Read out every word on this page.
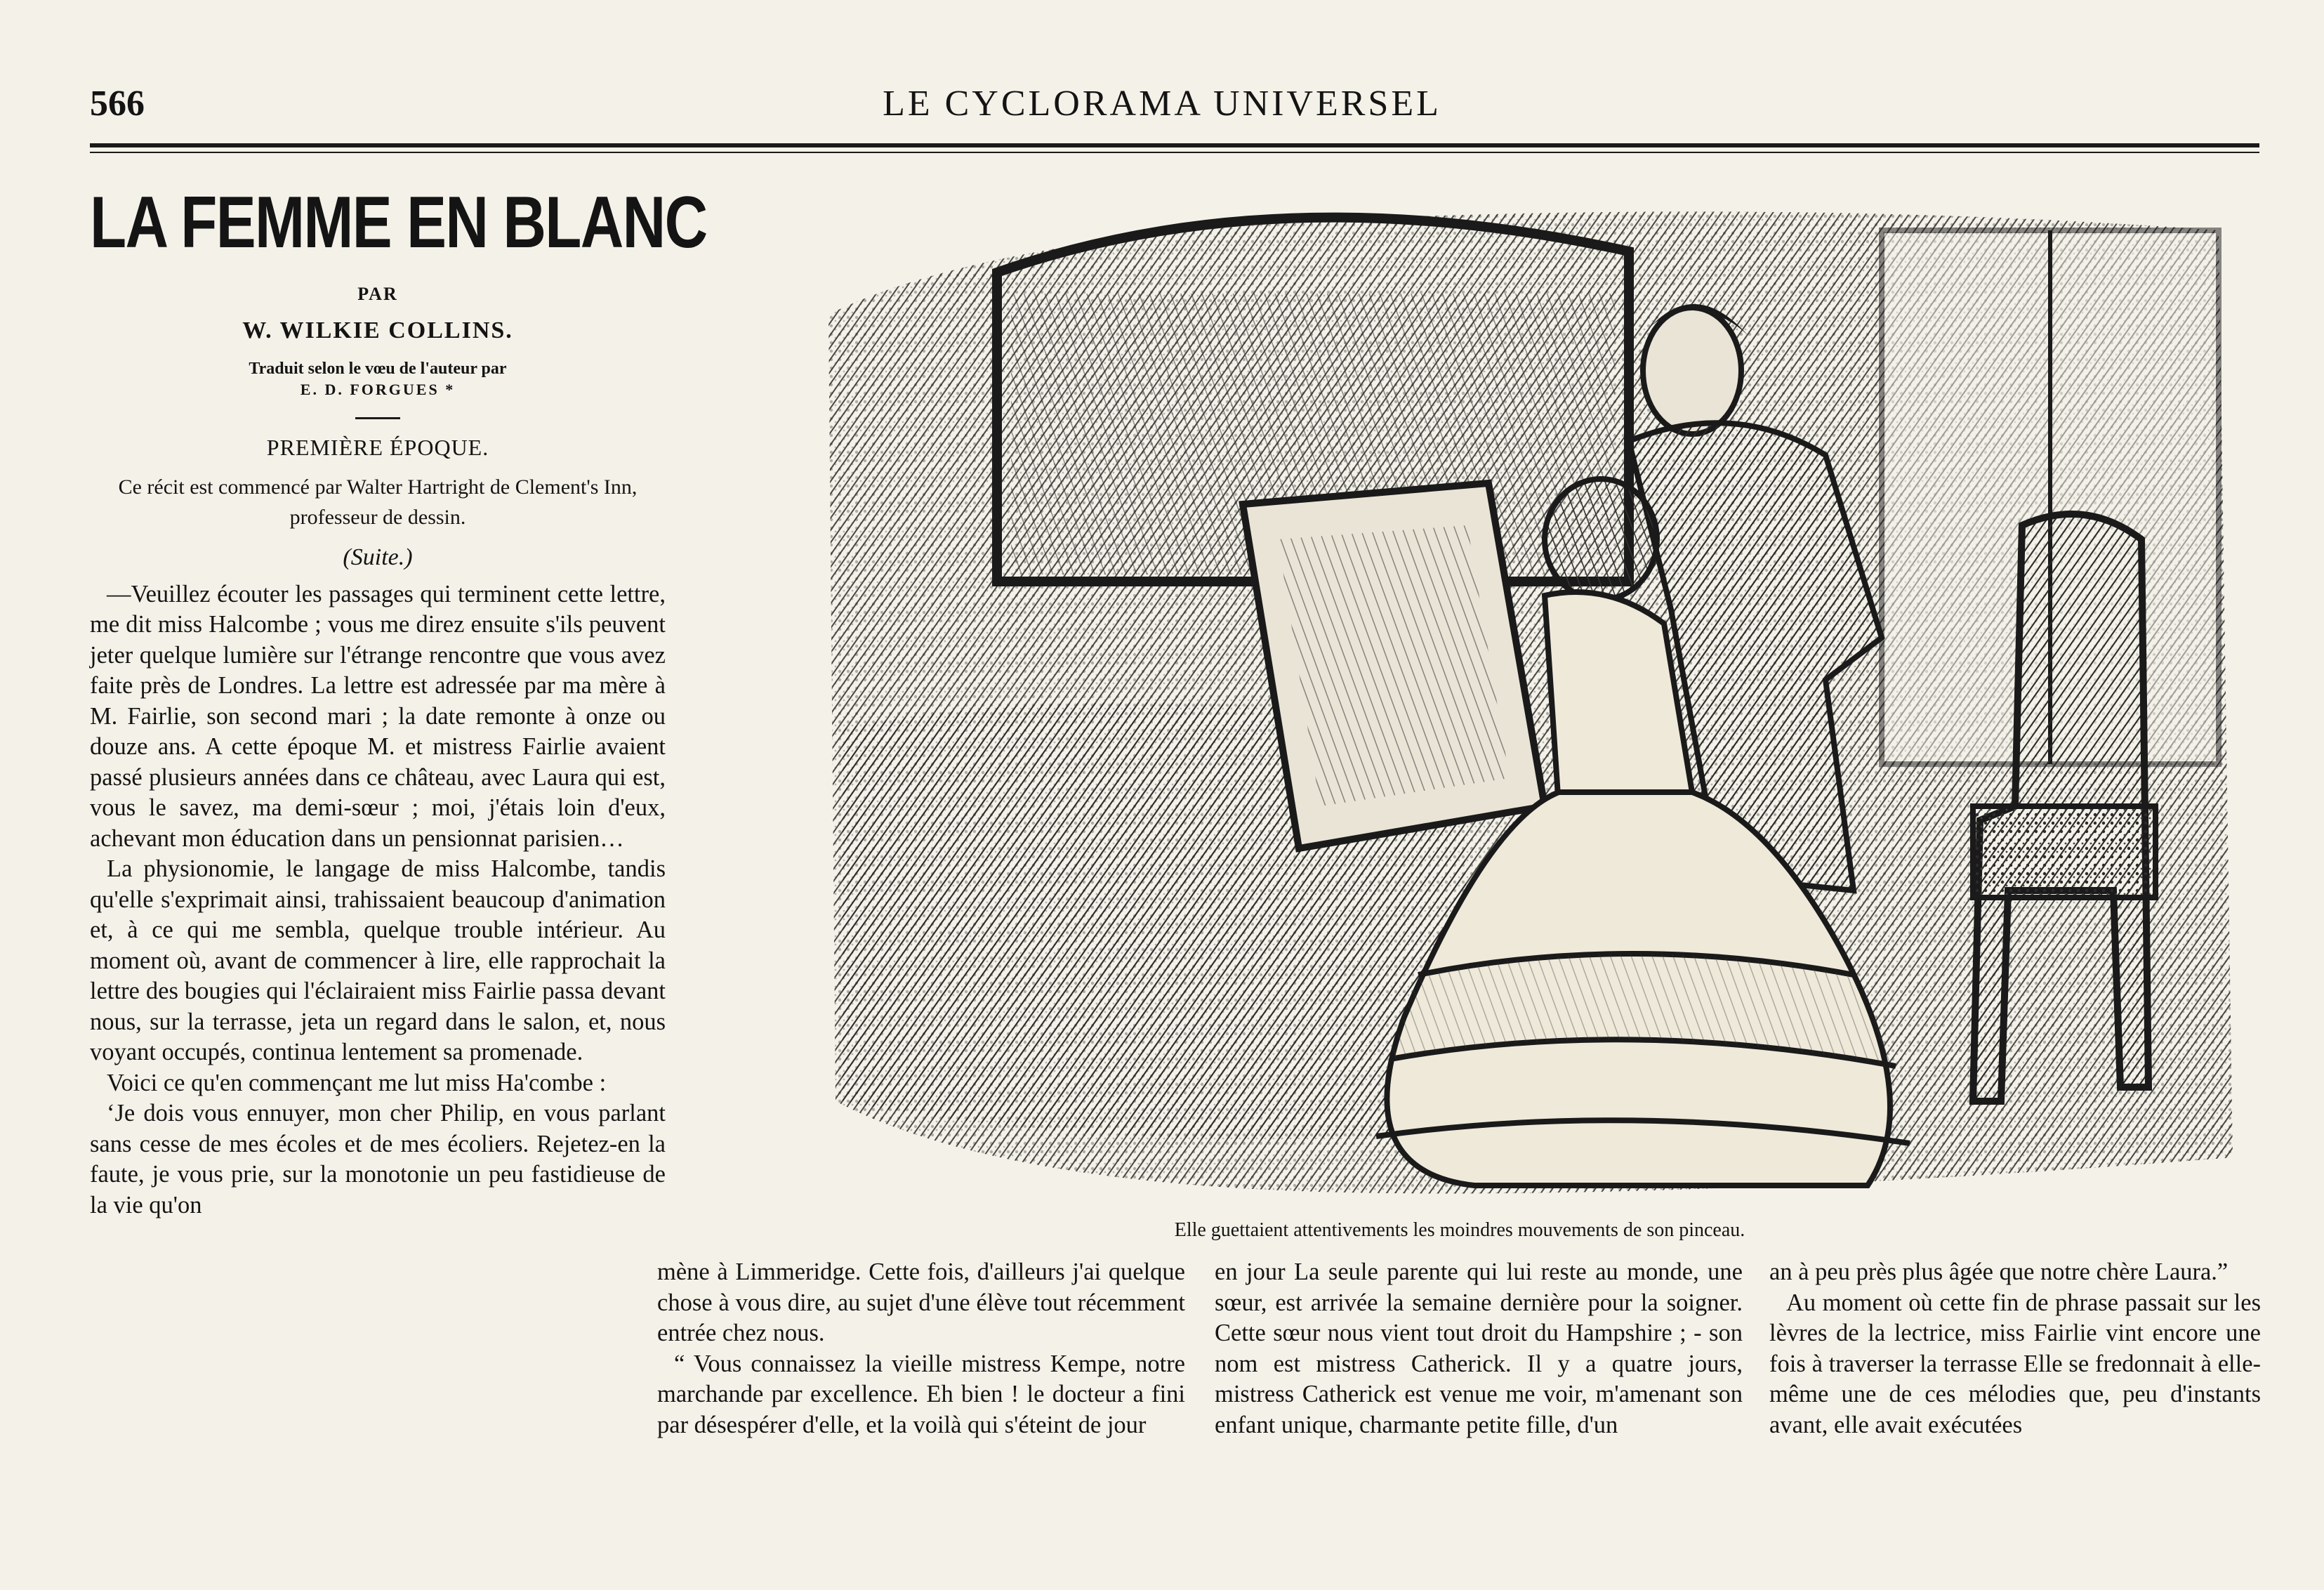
566	LE CYCLORAMA UNIVERSEL
LA FEMME EN BLANC
PAR
W. WILKIE COLLINS.
Traduit selon le vœu de l'auteur par
E. D. FORGUES *
PREMIÈRE ÉPOQUE.
Ce récit est commencé par Walter Hartright de Clement's Inn, professeur de dessin.
(Suite.)

—Veuillez écouter les passages qui terminent cette lettre, me dit miss Halcombe ; vous me direz ensuite s'ils peuvent jeter quelque lumière sur l'étrange rencontre que vous avez faite près de Londres. La lettre est adressée par ma mère à M. Fairlie, son second mari ; la date remonte à onze ou douze ans. A cette époque M. et mistress Fairlie avaient passé plusieurs années dans ce château, avec Laura qui est, vous le savez, ma demi-sœur ; moi, j'étais loin d'eux, achevant mon éducation dans un pensionnat parisien…

La physionomie, le langage de miss Halcombe, tandis qu'elle s'exprimait ainsi, trahissaient beaucoup d'animation et, à ce qui me sembla, quelque trouble intérieur. Au moment où, avant de commencer à lire, elle rapprochait la lettre des bougies qui l'éclairaient miss Fairlie passa devant nous, sur la terrasse, jeta un regard dans le salon, et, nous voyant occupés, continua lentement sa promenade.

Voici ce qu'en commençant me lut miss Ha'combe :

‘Je dois vous ennuyer, mon cher Philip, en vous parlant sans cesse de mes écoles et de mes écoliers. Rejetez-en la faute, je vous prie, sur la monotonie un peu fastidieuse de la vie qu'on

Elle guettaient attentivements les moindres mouvements de son pinceau.

mène à Limmeridge. Cette fois, d'ailleurs j'ai quelque chose à vous dire, au sujet d'une élève tout récemment entrée chez nous.

“ Vous connaissez la vieille mistress Kempe, notre marchande par excellence. Eh bien ! le docteur a fini par désespérer d'elle, et la voilà qui s'éteint de jour

en jour La seule parente qui lui reste au monde, une sœur, est arrivée la semaine dernière pour la soigner. Cette sœur nous vient tout droit du Hampshire ; - son nom est mistress Catherick. Il y a quatre jours, mistress Catherick est venue me voir, m'amenant son enfant unique, charmante petite fille, d'un

an à peu près plus âgée que notre chère Laura.”

Au moment où cette fin de phrase passait sur les lèvres de la lectrice, miss Fairlie vint encore une fois à traverser la terrasse Elle se fredonnait à elle-même une de ces mélodies que, peu d'instants avant, elle avait exécutées
